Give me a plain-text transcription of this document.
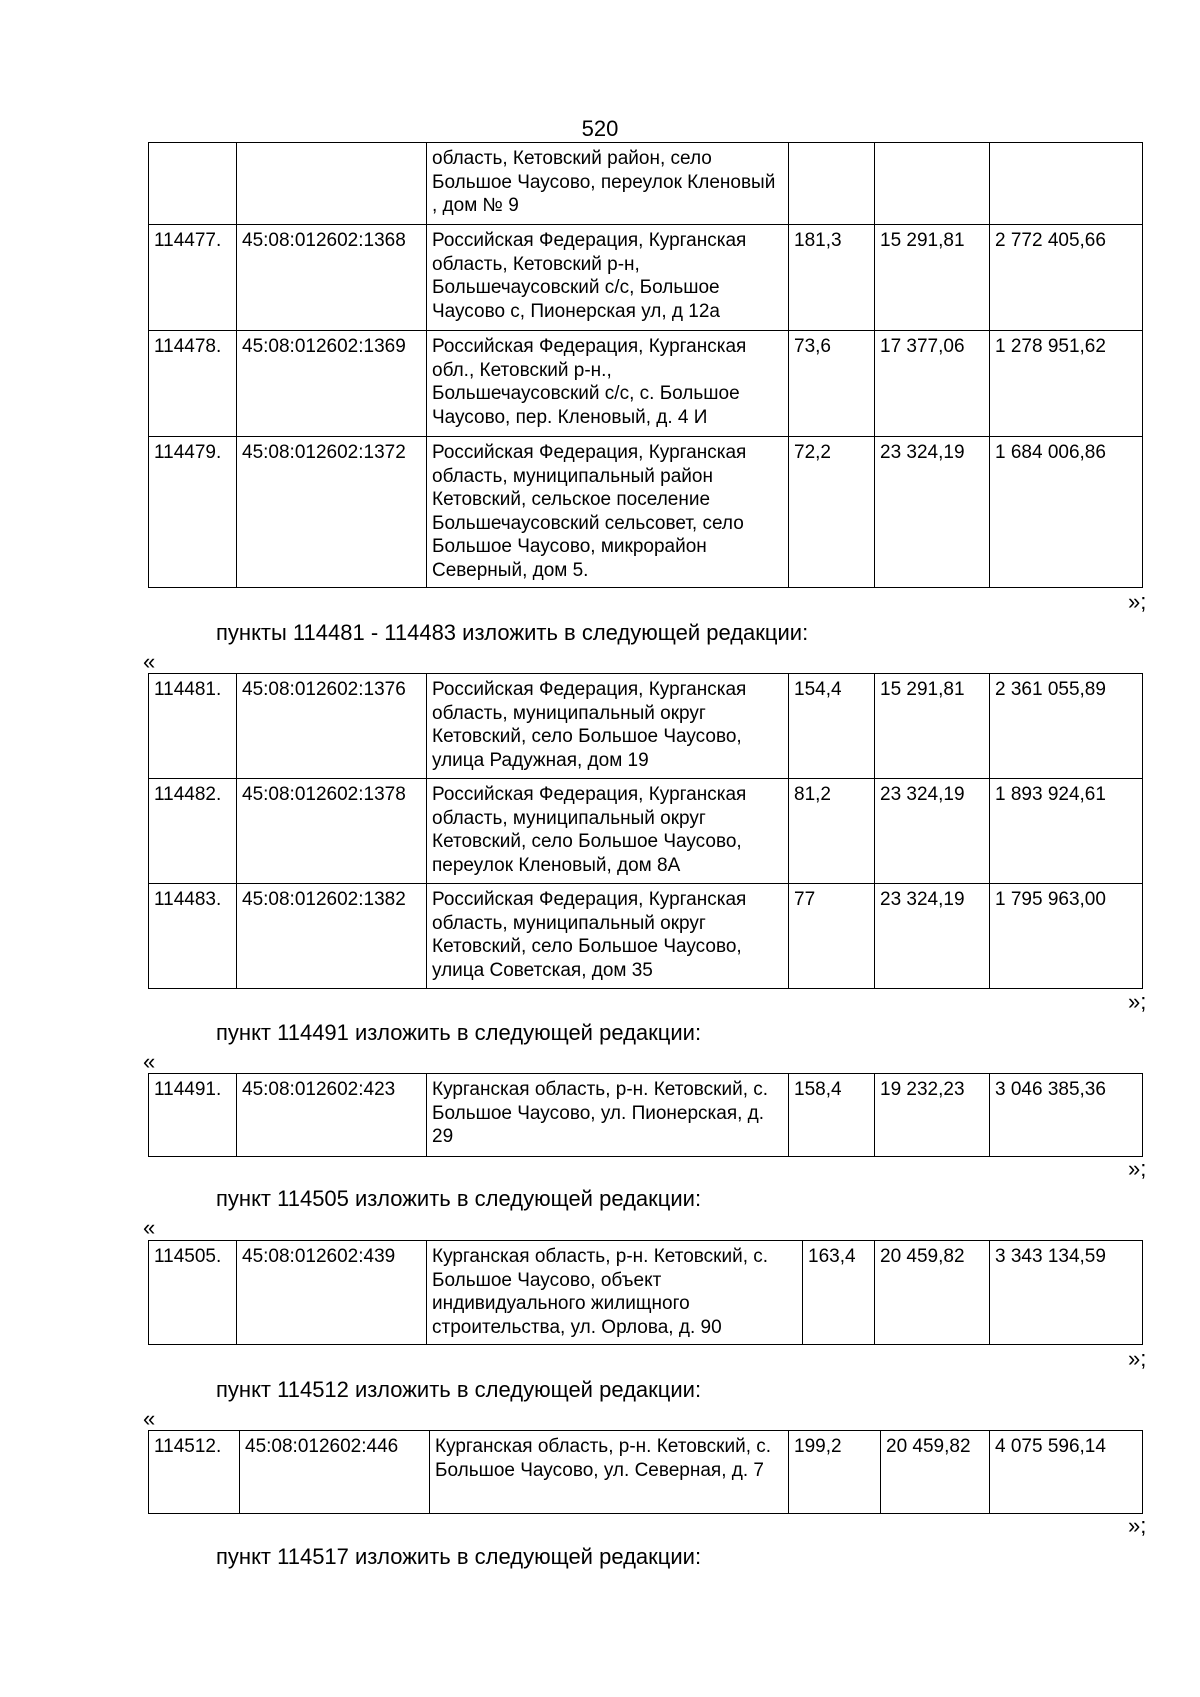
520
		область, Кетовский район, село Большое Чаусово, переулок Кленовый , дом № 9			
114477.	45:08:012602:1368	Российская Федерация, Курганская область, Кетовский р-н, Большечаусовский с/с, Большое Чаусово с, Пионерская ул, д 12а	181,3	15 291,81	2 772 405,66
114478.	45:08:012602:1369	Российская Федерация, Курганская обл., Кетовский р-н., Большечаусовский с/с, с. Большое Чаусово, пер. Кленовый, д. 4 И	73,6	17 377,06	1 278 951,62
114479.	45:08:012602:1372	Российская Федерация, Курганская область, муниципальный район Кетовский, сельское поселение Большечаусовский сельсовет, село Большое Чаусово, микрорайон Северный, дом 5.	72,2	23 324,19	1 684 006,86
»;
пункты 114481 - 114483 изложить в следующей редакции:
«
114481.	45:08:012602:1376	Российская Федерация, Курганская область, муниципальный округ Кетовский, село Большое Чаусово, улица Радужная, дом 19	154,4	15 291,81	2 361 055,89
114482.	45:08:012602:1378	Российская Федерация, Курганская область, муниципальный округ Кетовский, село Большое Чаусово, переулок Кленовый, дом 8А	81,2	23 324,19	1 893 924,61
114483.	45:08:012602:1382	Российская Федерация, Курганская область, муниципальный округ Кетовский, село Большое Чаусово, улица Советская, дом 35	77	23 324,19	1 795 963,00
»;
пункт 114491 изложить в следующей редакции:
«
114491.	45:08:012602:423	Курганская область, р-н. Кетовский, с. Большое Чаусово, ул. Пионерская, д. 29	158,4	19 232,23	3 046 385,36
»;
пункт 114505 изложить в следующей редакции:
«
114505.	45:08:012602:439	Курганская область, р-н. Кетовский, с. Большое Чаусово, объект индивидуального жилищного строительства, ул. Орлова, д. 90	163,4	20 459,82	3 343 134,59
»;
пункт 114512 изложить в следующей редакции:
«
114512.	45:08:012602:446	Курганская область, р-н. Кетовский, с. Большое Чаусово, ул. Северная, д. 7	199,2	20 459,82	4 075 596,14
»;
пункт 114517 изложить в следующей редакции:
